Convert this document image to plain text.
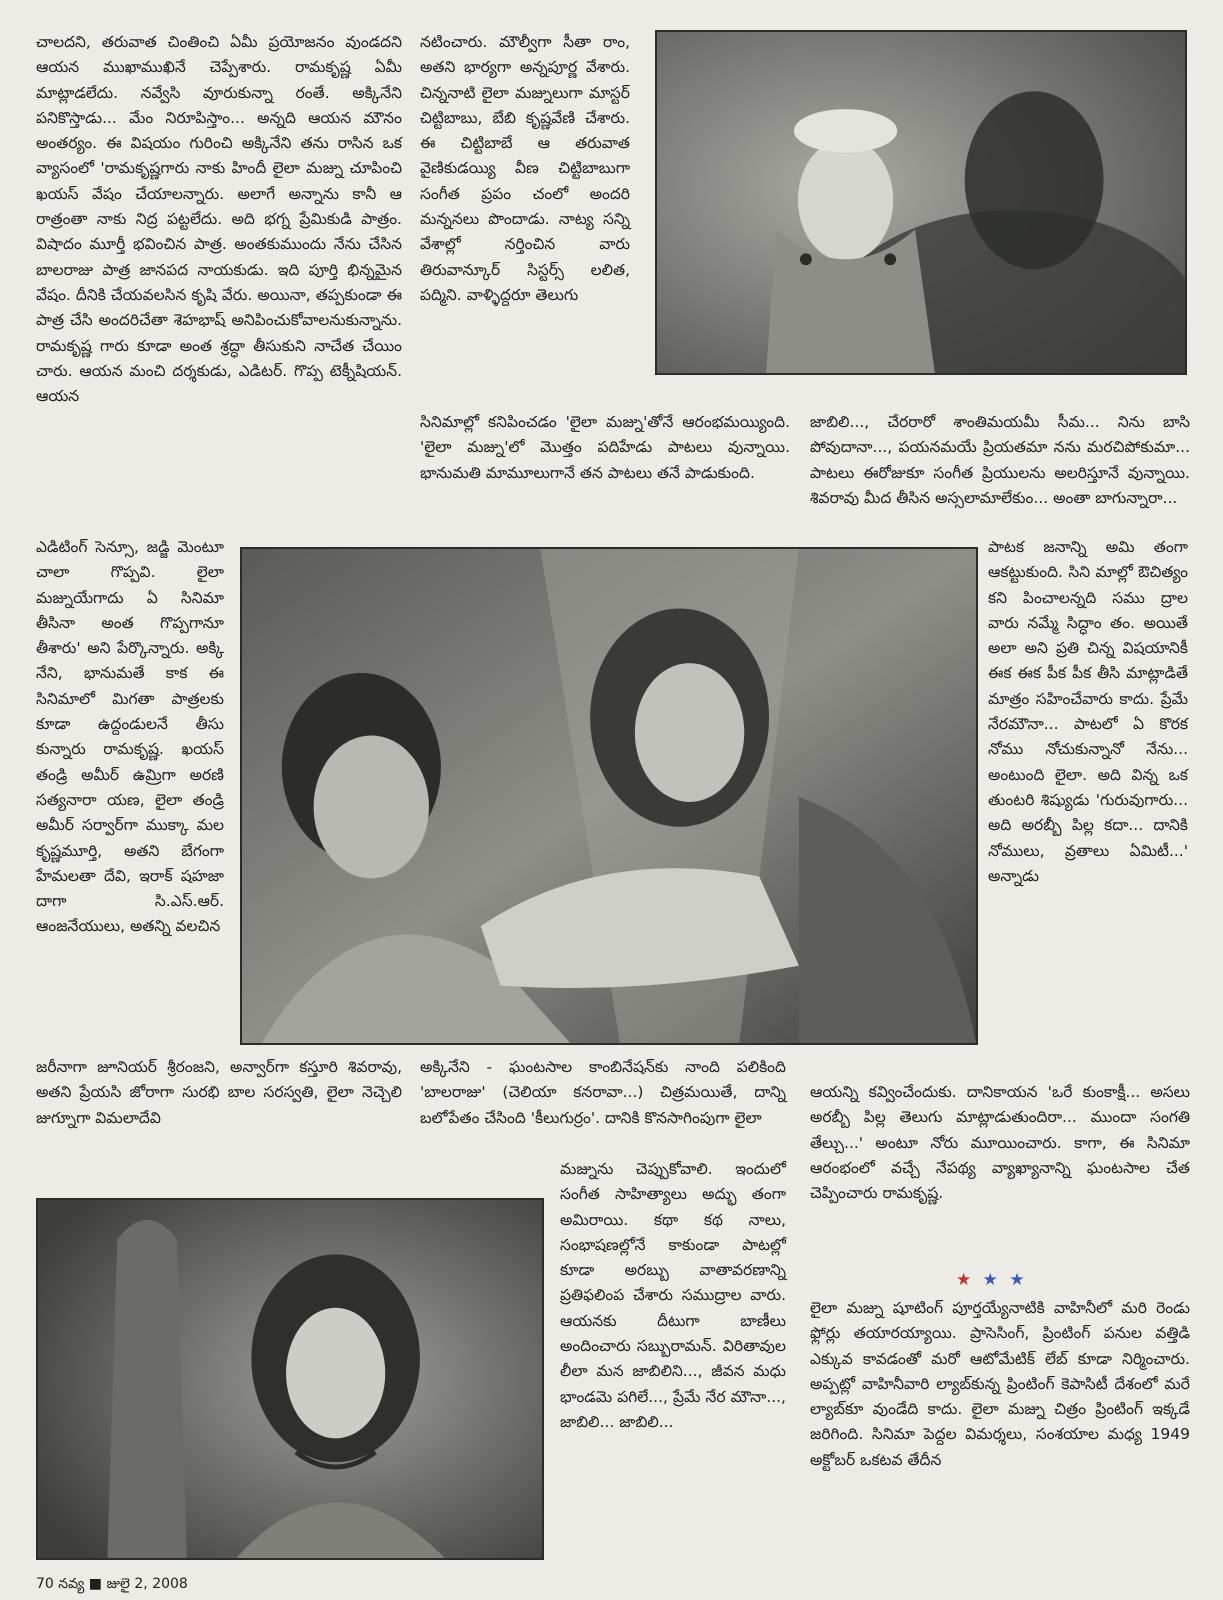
చాలదని, తరువాత చింతించి ఏమీ ప్రయోజనం వుండదని ఆయన ముఖాముఖినే చెప్పేశారు. రామకృష్ణ ఏమీ మాట్లాడలేదు. నవ్వేసి వూరుకున్నా రంతే. అక్కినేని పనికొస్తాడు... మేం నిరూపిస్తాం... అన్నది ఆయన మౌనం అంతర్యం. ఈ విషయం గురించి అక్కినేని తను రాసిన ఒక వ్యాసంలో 'రామకృష్ణగారు నాకు హిందీ లైలా మజ్ను చూపించి ఖయస్ వేషం చేయాలన్నారు. అలాగే అన్నాను కానీ ఆ రాత్రంతా నాకు నిద్ర పట్టలేదు. అది భగ్న ప్రేమికుడి పాత్రం. విషాదం మూర్తీ భవించిన పాత్ర. అంతకుముందు నేను చేసిన బాలరాజు పాత్ర జానపద నాయకుడు. ఇది పూర్తి భిన్నమైన వేషం. దీనికి చేయవలసిన కృషి వేరు. అయినా, తప్పకుండా ఈ పాత్ర చేసి అందరిచేతా శెహభాష్ అనిపించుకోవాలనుకున్నాను. రామకృష్ణ గారు కూడా అంత శ్రద్ధా తీసుకుని నాచేత చేయిం చారు. ఆయన మంచి దర్శకుడు, ఎడిటర్. గొప్ప టెక్నీషియన్. ఆయన

ఎడిటింగ్ సెన్సూ, జడ్జి మెంటూ చాలా గొప్పవి. లైలా మజ్నుయేగాదు ఏ సినిమా తీసినా అంత గొప్పగానూ తీశారు' అని పేర్కొన్నారు. అక్కి నేని, భానుమతే కాక ఈ సినిమాలో మిగతా పాత్రలకు కూడా ఉద్దండులనే తీసు కున్నారు రామకృష్ణ. ఖయస్ తండ్రి అమీర్ ఉమ్రిగా అరణి సత్యనారా యణ, లైలా తండ్రి అమీర్ సర్వార్‌గా ముక్కా మల కృష్ణమూర్తి, అతని బేగంగా హేమలతా దేవి, ఇరాక్ షహజా దాగా సి.ఎస్.ఆర్. ఆంజనేయులు, అతన్ని వలచిన

జరీనాగా జూనియర్ శ్రీరంజని, అన్వార్‌గా కస్తూరి శివరావు, అతని ప్రేయసి జోరాగా సురభి బాల సరస్వతి, లైలా నెచ్చెలి జుగ్నూగా విమలాదేవి

నటించారు. మౌల్వీగా సీతా రాం, అతని భార్యగా అన్నపూర్ణ వేశారు. చిన్ననాటి లైలా మజ్నులుగా మాస్టర్ చిట్టిబాబు, బేబి కృష్ణవేణి చేశారు. ఈ చిట్టిబాబే ఆ తరువాత వైణికుడయ్యి వీణ చిట్టిబాబుగా సంగీత ప్రపం చంలో అందరి మన్ననలు పొందాడు. నాట్య సన్ని వేశాల్లో నర్తించిన వారు తిరువాన్కూర్ సిస్టర్స్ లలిత, పద్మిని. వాళ్ళిద్దరూ తెలుగు

సినిమాల్లో కనిపించడం 'లైలా మజ్ను'తోనే ఆరంభమయ్యింది. 'లైలా మజ్ను'లో మొత్తం పదిహేడు పాటలు వున్నాయి. భానుమతి మామూలుగానే తన పాటలు తనే పాడుకుంది.

అక్కినేని - ఘంటసాల కాంబినేషన్‌కు నాంది పలికింది 'బాలరాజు' (చెలియా కనరావా...) చిత్రమయితే, దాన్ని బలోపేతం చేసింది 'కీలుగుర్రం'. దానికి కొనసాగింపుగా లైలా

మజ్నును చెప్పుకోవాలి. ఇందులో సంగీత సాహిత్యాలు అద్భు తంగా అమిరాయి. కథా కథ నాలు, సంభాషణల్లోనే కాకుండా పాటల్లో కూడా అరబ్బు వాతావరణాన్ని ప్రతిఫలింప చేశారు సముద్రాల వారు. ఆయనకు దీటుగా బాణీలు అందించారు సబ్బురామన్. విరితావుల లీలా మన జాబిలిని..., జీవన మధు భాండమె పగిలే..., ప్రేమే నేర మౌనా..., జాబిలి... జాబిలి...

జాబిలి..., చేరరారో శాంతిమయమీ సీమ... నిను బాసి పోవుదానా..., పయనమయే ప్రియతమా నను మరచిపోకుమా... పాటలు ఈరోజుకూ సంగీత ప్రియులను అలరిస్తూనే వున్నాయి. శివరావు మీద తీసిన అస్సలామాలేకుం... అంతా బాగున్నారా...

పాటక జనాన్ని అమి తంగా ఆకట్టుకుంది. సిని మాల్లో ఔచిత్యం కని పించాలన్నది సము ద్రాల వారు నమ్మే సిద్ధాం తం. అయితే అలా అని ప్రతి చిన్న విషయానికీ ఈక ఈక పీక పీక తీసి మాట్లాడితే మాత్రం సహించేవారు కాదు. ప్రేమే నేరమౌనా... పాటలో ఏ కొరక నోము నోచుకున్నానో నేను... అంటుంది లైలా. అది విన్న ఒక తుంటరి శిష్యుడు 'గురువుగారు... అది అరబ్బీ పిల్ల కదా... దానికి నోములు, వ్రతాలు ఏమిటీ...' అన్నాడు

ఆయన్ని కవ్వించేందుకు. దానికాయన 'ఒరే కుంకాక్షీ... అసలు అరబ్బీ పిల్ల తెలుగు మాట్లాడుతుందిరా... ముందా సంగతి తేల్చు...' అంటూ నోరు మూయించారు. కాగా, ఈ సినిమా ఆరంభంలో వచ్చే నేపథ్య వ్యాఖ్యానాన్ని ఘంటసాల చేత చెప్పించారు రామకృష్ణ.

★ ★ ★

లైలా మజ్ను షూటింగ్ పూర్తయ్యేనాటికి వాహినీలో మరి రెండు ఫ్లోర్లు తయారయ్యాయి. ప్రాసెసింగ్, ప్రింటింగ్ పనుల వత్తిడి ఎక్కువ కావడంతో మరో ఆటోమేటిక్ లేబ్ కూడా నిర్మించారు. అప్పట్లో వాహినీవారి ల్యాబ్‌కున్న ప్రింటింగ్ కెపాసిటీ దేశంలో మరే ల్యాబ్‌కూ వుండేది కాదు. లైలా మజ్ను చిత్రం ప్రింటింగ్ ఇక్కడే జరిగింది. సినిమా పెద్దల విమర్శలు, సంశయాల మధ్య 1949 అక్టోబర్ ఒకటవ తేదీన

70 నవ్య ■ జులై 2, 2008
